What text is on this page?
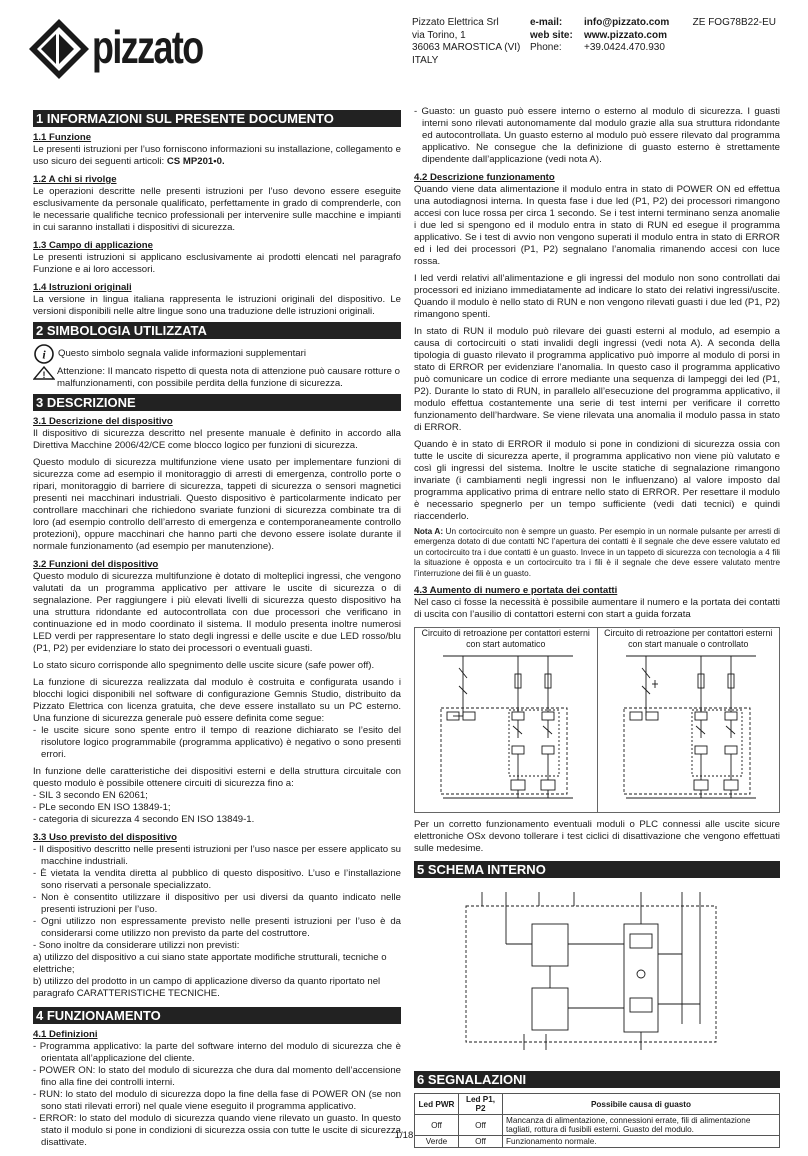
pizzato	Pizzato Elettrica Srl
via Torino, 1
36063 MAROSTICA (VI)
ITALY
e-mail:	info@pizzato.com
web site:	www.pizzato.com
Phone:	+39.0424.470.930
ZE FOG78B22-EU
1 INFORMAZIONI SUL PRESENTE DOCUMENTO
1.1 Funzione
Le presenti istruzioni per l’uso forniscono informazioni su installazione, collegamento e uso sicuro dei seguenti articoli: CS MP201•0.
1.2 A chi si rivolge
Le operazioni descritte nelle presenti istruzioni per l’uso devono essere eseguite esclusivamente da personale qualificato, perfettamente in grado di comprenderle, con le necessarie qualifiche tecnico professionali per intervenire sulle macchine e impianti in cui saranno installati i dispositivi di sicurezza.
1.3 Campo di applicazione
Le presenti istruzioni si applicano esclusivamente ai prodotti elencati nel paragrafo Funzione e ai loro accessori.
1.4 Istruzioni originali
La versione in lingua italiana rappresenta le istruzioni originali del dispositivo. Le versioni disponibili nelle altre lingue sono una traduzione delle istruzioni originali.
2 SIMBOLOGIA UTILIZZATA
i Questo simbolo segnala valide informazioni supplementari
! Attenzione: Il mancato rispetto di questa nota di attenzione può causare rotture o malfunzionamenti, con possibile perdita della funzione di sicurezza.
3 DESCRIZIONE
3.1 Descrizione del dispositivo
Il dispositivo di sicurezza descritto nel presente manuale è definito in accordo alla Direttiva Macchine 2006/42/CE come blocco logico per funzioni di sicurezza.
Questo modulo di sicurezza multifunzione viene usato per implementare funzioni di sicurezza come ad esempio il monitoraggio di arresti di emergenza, controllo porte o ripari, monitoraggio di barriere di sicurezza, tappeti di sicurezza o sensori magnetici presenti nei macchinari industriali. Questo dispositivo è particolarmente indicato per controllare macchinari che richiedono svariate funzioni di sicurezza combinate tra di loro (ad esempio controllo dell’arresto di emergenza e contemporaneamente controllo protezioni), oppure macchinari che hanno parti che devono essere isolate durante il normale funzionamento (ad esempio per manutenzione).
3.2 Funzioni del dispositivo
Questo modulo di sicurezza multifunzione è dotato di molteplici ingressi, che vengono valutati da un programma applicativo per attivare le uscite di sicurezza o di segnalazione. Per raggiungere i più elevati livelli di sicurezza questo dispositivo ha una struttura ridondante ed autocontrollata con due processori che verificano in continuazione ed in modo coordinato il sistema. Il modulo presenta inoltre numerosi LED verdi per rappresentare lo stato degli ingressi e delle uscite e due LED rosso/blu (P1, P2) per evidenziare lo stato dei processori o eventuali guasti.
Lo stato sicuro corrisponde allo spegnimento delle uscite sicure (safe power off).
La funzione di sicurezza realizzata dal modulo è costruita e configurata usando i blocchi logici disponibili nel software di configurazione Gemnis Studio, distribuito da Pizzato Elettrica con licenza gratuita, che deve essere installato su un PC esterno. Una funzione di sicurezza generale può essere definita come segue:
- le uscite sicure sono spente entro il tempo di reazione dichiarato se l’esito del risolutore logico programmabile (programma applicativo) è negativo o sono presenti errori.
In funzione delle caratteristiche dei dispositivi esterni e della struttura circuitale con questo modulo è possibile ottenere circuiti di sicurezza fino a:
- SIL 3 secondo EN 62061;
- PLe secondo EN ISO 13849-1;
- categoria di sicurezza 4 secondo EN ISO 13849-1.
3.3 Uso previsto del dispositivo
- Il dispositivo descritto nelle presenti istruzioni per l’uso nasce per essere applicato su macchine industriali.
- È vietata la vendita diretta al pubblico di questo dispositivo. L’uso e l’installazione sono riservati a personale specializzato.
- Non è consentito utilizzare il dispositivo per usi diversi da quanto indicato nelle presenti istruzioni per l’uso.
- Ogni utilizzo non espressamente previsto nelle presenti istruzioni per l’uso è da considerarsi come utilizzo non previsto da parte del costruttore.
- Sono inoltre da considerare utilizzi non previsti:
a) utilizzo del dispositivo a cui siano state apportate modifiche strutturali, tecniche o elettriche;
b) utilizzo del prodotto in un campo di applicazione diverso da quanto riportato nel paragrafo CARATTERISTICHE TECNICHE.
4 FUNZIONAMENTO
4.1 Definizioni
- Programma applicativo: la parte del software interno del modulo di sicurezza che è orientata all’applicazione del cliente.
- POWER ON: lo stato del modulo di sicurezza che dura dal momento dell’accensione fino alla fine dei controlli interni.
- RUN: lo stato del modulo di sicurezza dopo la fine della fase di POWER ON (se non sono stati rilevati errori) nel quale viene eseguito il programma applicativo.
- ERROR: lo stato del modulo di sicurezza quando viene rilevato un guasto. In questo stato il modulo si pone in condizioni di sicurezza ossia con tutte le uscite di sicurezza disattivate.
- Guasto: un guasto può essere interno o esterno al modulo di sicurezza. I guasti interni sono rilevati autonomamente dal modulo grazie alla sua struttura ridondante ed autocontrollata. Un guasto esterno al modulo può essere rilevato dal programma applicativo. Ne consegue che la definizione di guasto esterno è strettamente dipendente dall’applicazione (vedi nota A).
4.2 Descrizione funzionamento
Quando viene data alimentazione il modulo entra in stato di POWER ON ed effettua una autodiagnosi interna. In questa fase i due led (P1, P2) dei processori rimangono accesi con luce rossa per circa 1 secondo. Se i test interni terminano senza anomalie i due led si spengono ed il modulo entra in stato di RUN ed esegue il programma applicativo. Se i test di avvio non vengono superati il modulo entra in stato di ERROR ed i led dei processori (P1, P2) segnalano l’anomalia rimanendo accesi con luce rossa.
I led verdi relativi all’alimentazione e gli ingressi del modulo non sono controllati dai processori ed iniziano immediatamente ad indicare lo stato dei relativi ingressi/uscite. Quando il modulo è nello stato di RUN e non vengono rilevati guasti i due led (P1, P2) rimangono spenti.
In stato di RUN il modulo può rilevare dei guasti esterni al modulo, ad esempio a causa di cortocircuiti o stati invalidi degli ingressi (vedi nota A). A seconda della tipologia di guasto rilevato il programma applicativo può imporre al modulo di porsi in stato di ERROR per evidenziare l’anomalia. In questo caso il programma applicativo può comunicare un codice di errore mediante una sequenza di lampeggi dei led (P1, P2). Durante lo stato di RUN, in parallelo all’esecuzione del programma applicativo, il modulo effettua costantemente una serie di test interni per verificare il corretto funzionamento dell’hardware. Se viene rilevata una anomalia il modulo passa in stato di ERROR.
Quando è in stato di ERROR il modulo si pone in condizioni di sicurezza ossia con tutte le uscite di sicurezza aperte, il programma applicativo non viene più valutato e così gli ingressi del sistema. Inoltre le uscite statiche di segnalazione rimangono invariate (i cambiamenti negli ingressi non le influenzano) al valore imposto dal programma applicativo prima di entrare nello stato di ERROR. Per resettare il modulo è necessario spegnerlo per un tempo sufficiente (vedi dati tecnici) e quindi riaccenderlo.
Nota A: Un cortocircuito non è sempre un guasto. Per esempio in un normale pulsante per arresti di emergenza dotato di due contatti NC l’apertura dei contatti è il segnale che deve essere valutato ed un cortocircuito tra i due contatti è un guasto. Invece in un tappeto di sicurezza con tecnologia a 4 fili la situazione è opposta e un cortocircuito tra i fili è il segnale che deve essere valutato mentre l’interruzione dei fili è un guasto.
4.3 Aumento di numero e portata dei contatti
Nel caso ci fosse la necessità è possibile aumentare il numero e la portata dei contatti di uscita con l’ausilio di contattori esterni con start a guida forzata
Circuito di retroazione per contattori esterni con start automatico
Circuito di retroazione per contattori esterni con start manuale o controllato
Per un corretto funzionamento eventuali moduli o PLC connessi alle uscite sicure elettroniche OSx devono tollerare i test ciclici di disattivazione che vengono effettuati sulle medesime.
5 SCHEMA INTERNO
6 SEGNALAZIONI
Led PWR	Led P1, P2	Possibile causa di guasto
Off	Off	Mancanza di alimentazione, connessioni errate, fili di alimentazione tagliati, rottura di fusibili esterni. Guasto del modulo.
Verde	Off	Funzionamento normale.
1/18
